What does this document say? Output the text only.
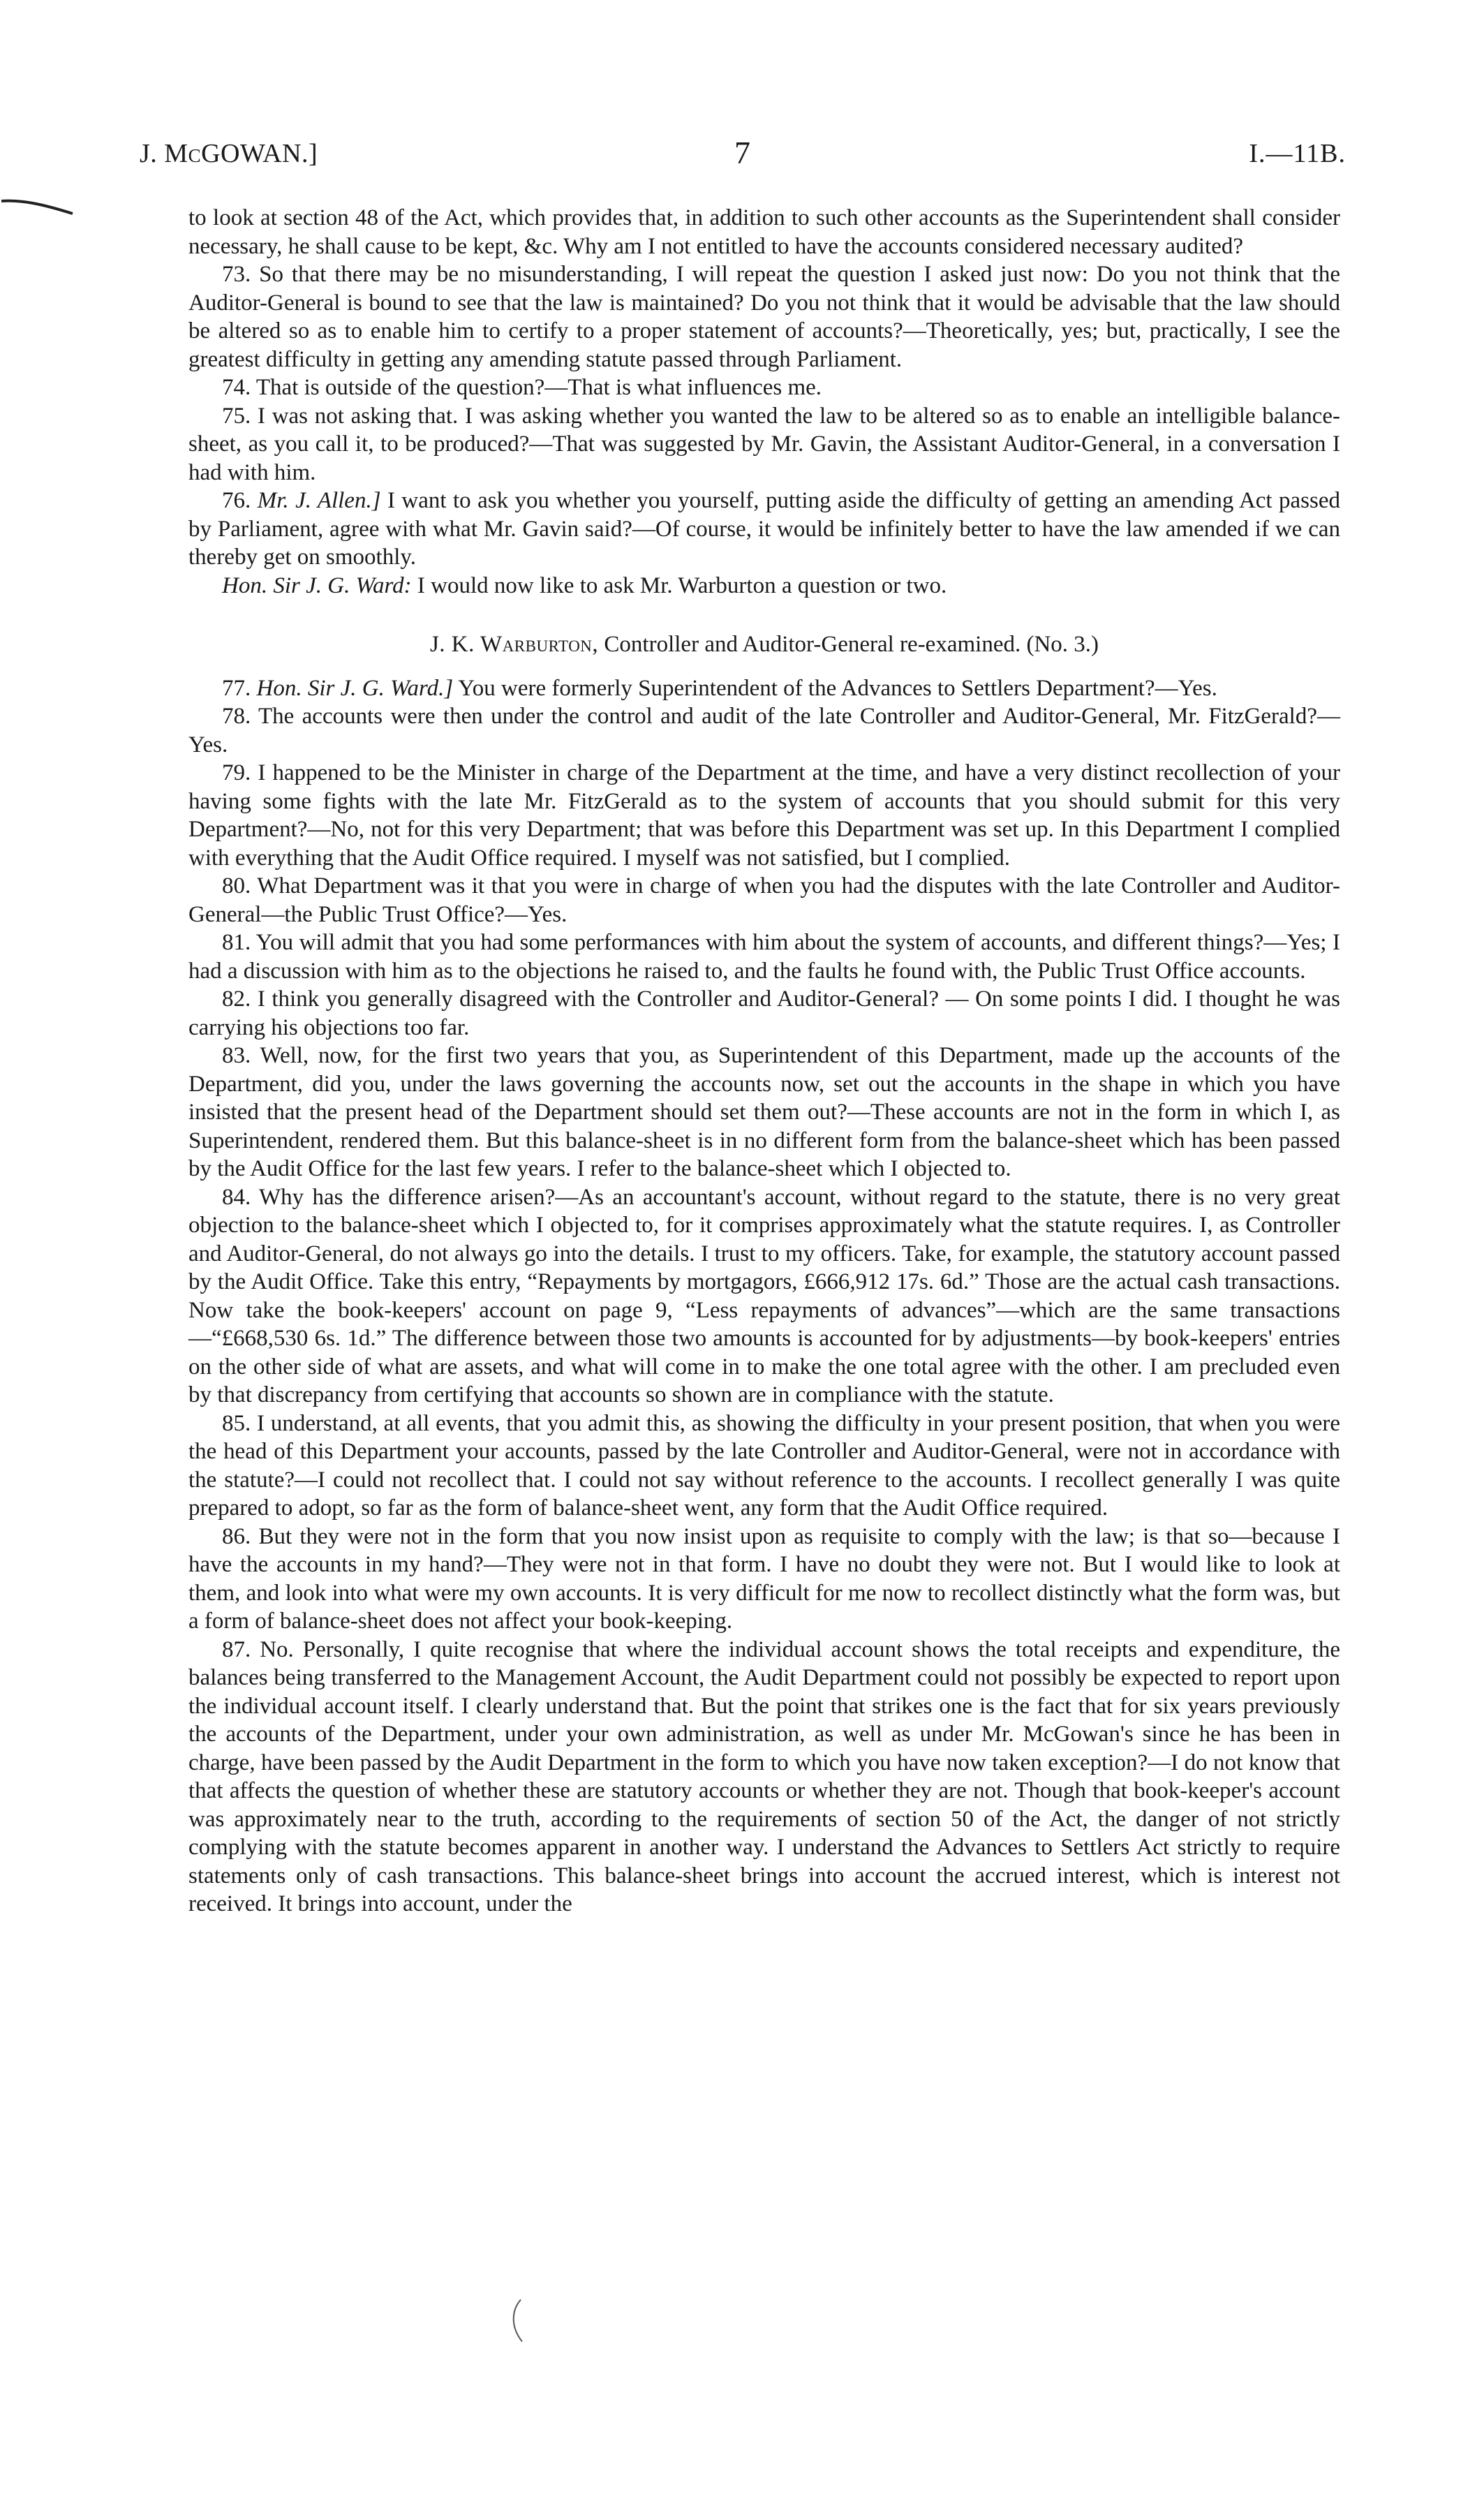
J. McGOWAN.]	7	I.—11B.

to look at section 48 of the Act, which provides that, in addition to such other accounts as the Superintendent shall consider necessary, he shall cause to be kept, &c. Why am I not entitled to have the accounts considered necessary audited?

73. So that there may be no misunderstanding, I will repeat the question I asked just now: Do you not think that the Auditor-General is bound to see that the law is maintained? Do you not think that it would be advisable that the law should be altered so as to enable him to certify to a proper statement of accounts?—Theoretically, yes; but, practically, I see the greatest difficulty in getting any amending statute passed through Parliament.

74. That is outside of the question?—That is what influences me.

75. I was not asking that. I was asking whether you wanted the law to be altered so as to enable an intelligible balance-sheet, as you call it, to be produced?—That was suggested by Mr. Gavin, the Assistant Auditor-General, in a conversation I had with him.

76. Mr. J. Allen.] I want to ask you whether you yourself, putting aside the difficulty of getting an amending Act passed by Parliament, agree with what Mr. Gavin said?—Of course, it would be infinitely better to have the law amended if we can thereby get on smoothly.

Hon. Sir J. G. Ward: I would now like to ask Mr. Warburton a question or two.

J. K. Warburton, Controller and Auditor-General re-examined. (No. 3.)

77. Hon. Sir J. G. Ward.] You were formerly Superintendent of the Advances to Settlers Department?—Yes.

78. The accounts were then under the control and audit of the late Controller and Auditor-General, Mr. FitzGerald?—Yes.

79. I happened to be the Minister in charge of the Department at the time, and have a very distinct recollection of your having some fights with the late Mr. FitzGerald as to the system of accounts that you should submit for this very Department?—No, not for this very Department; that was before this Department was set up. In this Department I complied with everything that the Audit Office required. I myself was not satisfied, but I complied.

80. What Department was it that you were in charge of when you had the disputes with the late Controller and Auditor-General—the Public Trust Office?—Yes.

81. You will admit that you had some performances with him about the system of accounts, and different things?—Yes; I had a discussion with him as to the objections he raised to, and the faults he found with, the Public Trust Office accounts.

82. I think you generally disagreed with the Controller and Auditor-General? — On some points I did. I thought he was carrying his objections too far.

83. Well, now, for the first two years that you, as Superintendent of this Department, made up the accounts of the Department, did you, under the laws governing the accounts now, set out the accounts in the shape in which you have insisted that the present head of the Department should set them out?—These accounts are not in the form in which I, as Superintendent, rendered them. But this balance-sheet is in no different form from the balance-sheet which has been passed by the Audit Office for the last few years. I refer to the balance-sheet which I objected to.

84. Why has the difference arisen?—As an accountant's account, without regard to the statute, there is no very great objection to the balance-sheet which I objected to, for it comprises approximately what the statute requires. I, as Controller and Auditor-General, do not always go into the details. I trust to my officers. Take, for example, the statutory account passed by the Audit Office. Take this entry, “Repayments by mortgagors, £666,912 17s. 6d.” Those are the actual cash transactions. Now take the book-keepers' account on page 9, “Less repayments of advances”—which are the same transactions—“£668,530 6s. 1d.” The difference between those two amounts is accounted for by adjustments—by book-keepers' entries on the other side of what are assets, and what will come in to make the one total agree with the other. I am precluded even by that discrepancy from certifying that accounts so shown are in compliance with the statute.

85. I understand, at all events, that you admit this, as showing the difficulty in your present position, that when you were the head of this Department your accounts, passed by the late Controller and Auditor-General, were not in accordance with the statute?—I could not recollect that. I could not say without reference to the accounts. I recollect generally I was quite prepared to adopt, so far as the form of balance-sheet went, any form that the Audit Office required.

86. But they were not in the form that you now insist upon as requisite to comply with the law; is that so—because I have the accounts in my hand?—They were not in that form. I have no doubt they were not. But I would like to look at them, and look into what were my own accounts. It is very difficult for me now to recollect distinctly what the form was, but a form of balance-sheet does not affect your book-keeping.

87. No. Personally, I quite recognise that where the individual account shows the total receipts and expenditure, the balances being transferred to the Management Account, the Audit Department could not possibly be expected to report upon the individual account itself. I clearly understand that. But the point that strikes one is the fact that for six years previously the accounts of the Department, under your own administration, as well as under Mr. McGowan's since he has been in charge, have been passed by the Audit Department in the form to which you have now taken exception?—I do not know that that affects the question of whether these are statutory accounts or whether they are not. Though that book-keeper's account was approximately near to the truth, according to the requirements of section 50 of the Act, the danger of not strictly complying with the statute becomes apparent in another way. I understand the Advances to Settlers Act strictly to require statements only of cash transactions. This balance-sheet brings into account the accrued interest, which is interest not received. It brings into account, under the
